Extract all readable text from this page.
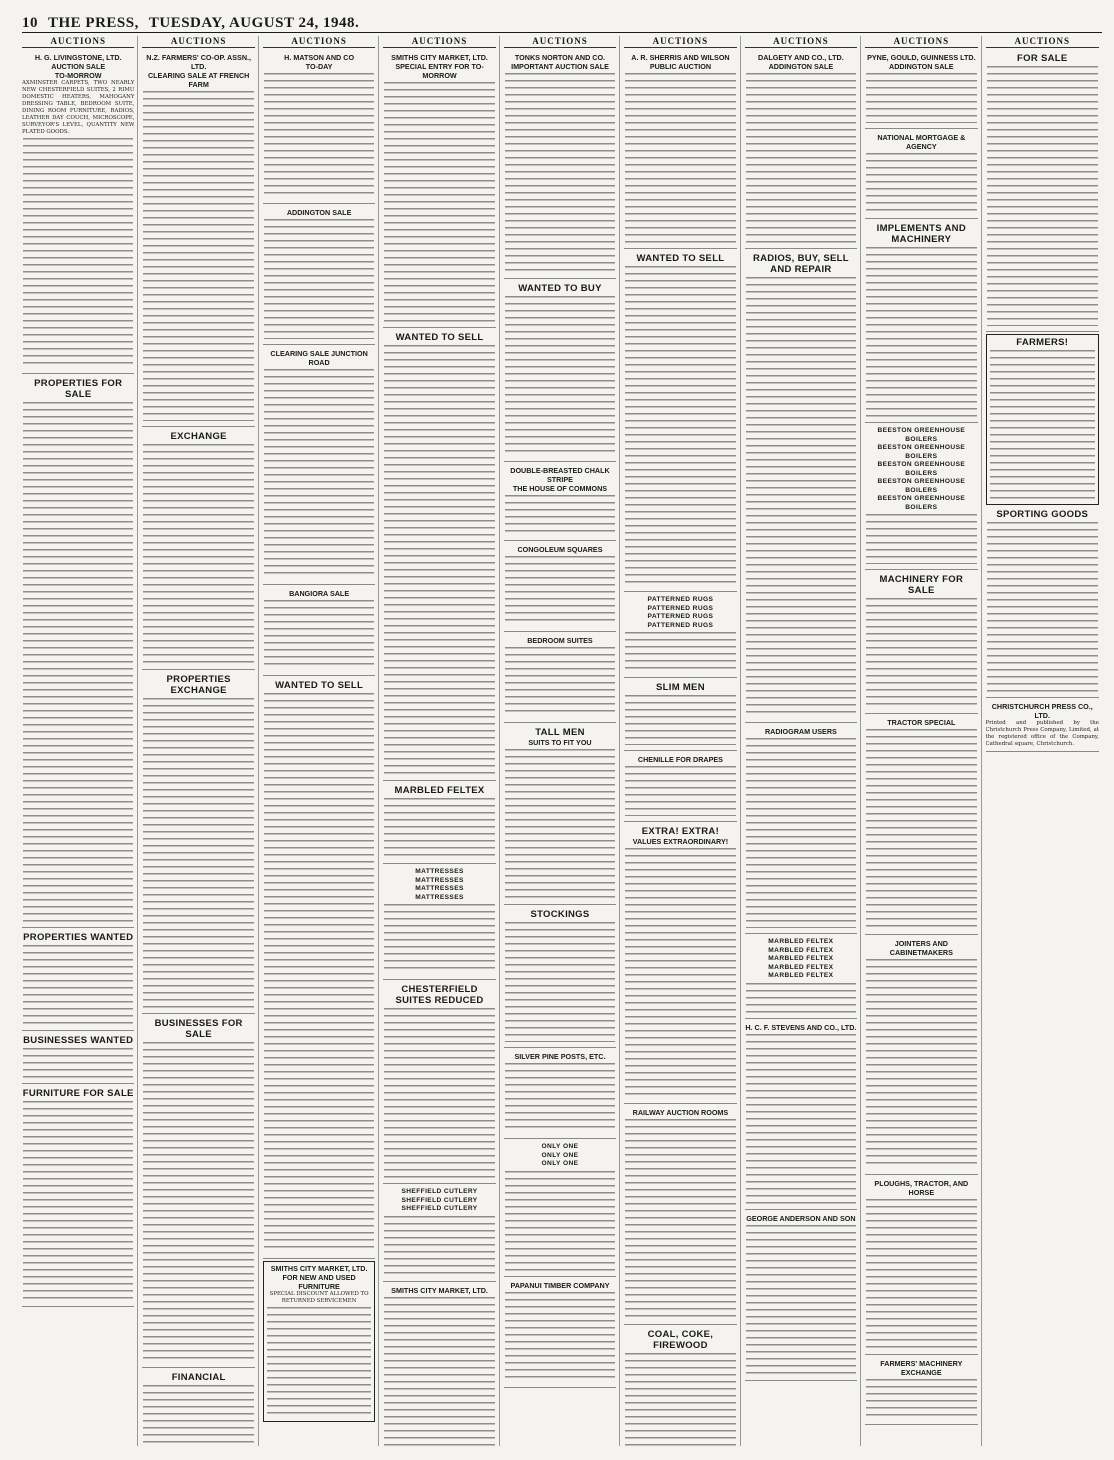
10 THE PRESS, TUESDAY, AUGUST 24, 1948.
AUCTIONS
H. G. LIVINGSTONE, LTD.
AUCTION SALE
TO-MORROW
AXMINSTER CARPETS, TWO NEARLY NEW CHESTERFIELD SUITES, 2 RIMU DOMESTIC HEATERS, MAHOGANY DRESSING TABLE, BEDROOM SUITE, DINING ROOM FURNITURE, RADIOS, LEATHER DAY COUCH, MICROSCOPE, SURVEYOR'S LEVEL, QUANTITY NEW PLATED GOODS.
PROPERTIES FOR SALE
PROPERTIES WANTED
BUSINESSES WANTED
FURNITURE FOR SALE
AUCTIONS
N.Z. FARMERS' CO-OP. ASSN., LTD.
CLEARING SALE AT FRENCH FARM
EXCHANGE
PROPERTIES EXCHANGE
BUSINESSES FOR SALE
FINANCIAL
AUCTIONS
H. MATSON AND CO
TO-DAY
ADDINGTON SALE
CLEARING SALE JUNCTION ROAD
BANGIORA SALE
WANTED TO SELL
SMITHS CITY MARKET, LTD.
FOR NEW AND USED FURNITURE
SPECIAL DISCOUNT ALLOWED TO RETURNED SERVICEMEN
AUCTIONS
SMITHS CITY MARKET, LTD.
SPECIAL ENTRY FOR TO-MORROW
WANTED TO SELL
MARBLED FELTEX
MATTRESSES
MATTRESSES
MATTRESSES
MATTRESSES
CHESTERFIELD SUITES REDUCED
SHEFFIELD CUTLERY
SHEFFIELD CUTLERY
SHEFFIELD CUTLERY
SMITHS CITY MARKET, LTD.
AUCTIONS
TONKS NORTON AND CO.
IMPORTANT AUCTION SALE
WANTED TO BUY
DOUBLE-BREASTED CHALK STRIPE
THE HOUSE OF COMMONS
CONGOLEUM SQUARES
BEDROOM SUITES
TALL MEN
SUITS TO FIT YOU
STOCKINGS
SILVER PINE POSTS, ETC.
ONLY ONE
ONLY ONE
ONLY ONE
PAPANUI TIMBER COMPANY
AUCTIONS
A. R. SHERRIS AND WILSON
PUBLIC AUCTION
WANTED TO SELL
PATTERNED RUGS
PATTERNED RUGS
PATTERNED RUGS
PATTERNED RUGS
SLIM MEN
CHENILLE FOR DRAPES
EXTRA! EXTRA!
VALUES EXTRAORDINARY!
RAILWAY AUCTION ROOMS
COAL, COKE, FIREWOOD
AUCTIONS
DALGETY AND CO., LTD.
ADDINGTON SALE
RADIOS, BUY, SELL AND REPAIR
RADIOGRAM USERS
MARBLED FELTEX
MARBLED FELTEX
MARBLED FELTEX
MARBLED FELTEX
MARBLED FELTEX
H. C. F. STEVENS AND CO., LTD.
GEORGE ANDERSON AND SON
AUCTIONS
PYNE, GOULD, GUINNESS LTD.
ADDINGTON SALE
NATIONAL MORTGAGE & AGENCY
IMPLEMENTS AND MACHINERY
BEESTON GREENHOUSE BOILERS
BEESTON GREENHOUSE BOILERS
BEESTON GREENHOUSE BOILERS
BEESTON GREENHOUSE BOILERS
BEESTON GREENHOUSE BOILERS
MACHINERY FOR SALE
TRACTOR SPECIAL
JOINTERS AND CABINETMAKERS
PLOUGHS, TRACTOR, AND HORSE
FARMERS' MACHINERY EXCHANGE
AUCTIONS
FOR SALE
FARMERS!
SPORTING GOODS
CHRISTCHURCH PRESS CO., LTD.
Printed and published by the Christchurch Press Company, Limited, at the registered office of the Company, Cathedral square, Christchurch.
